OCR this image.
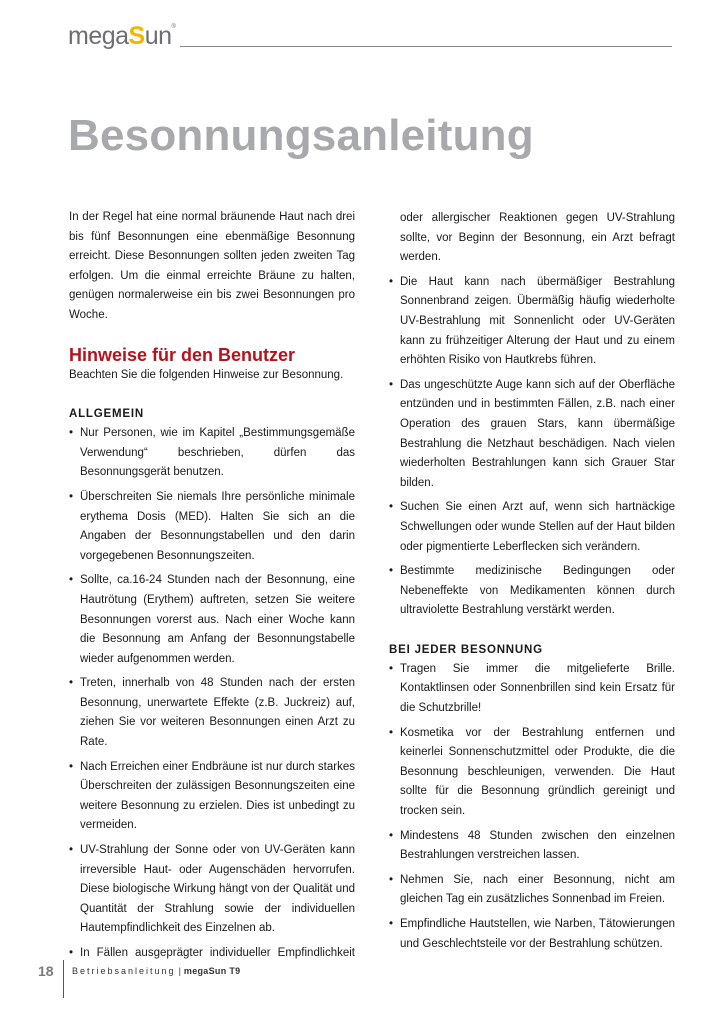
megaSun®
Besonnungsanleitung

In der Regel hat eine normal bräunende Haut nach drei bis fünf Besonnungen eine ebenmäßige Besonnung erreicht. Diese Besonnungen sollten jeden zweiten Tag erfolgen. Um die einmal erreichte Bräune zu halten, genügen normalerweise ein bis zwei Besonnungen pro Woche.

Hinweise für den Benutzer

Beachten Sie die folgenden Hinweise zur Besonnung.

ALLGEMEIN
• Nur Personen, wie im Kapitel „Bestimmungsgemäße Verwendung“ beschrieben, dürfen das Besonnungsgerät benutzen.
• Überschreiten Sie niemals Ihre persönliche minimale erythema Dosis (MED). Halten Sie sich an die Angaben der Besonnungstabellen und den darin vorgegebenen Besonnungszeiten.
• Sollte, ca.16-24 Stunden nach der Besonnung, eine Hautrötung (Erythem) auftreten, setzen Sie weitere Besonnungen vorerst aus. Nach einer Woche kann die Besonnung am Anfang der Besonnungstabelle wieder aufgenommen werden.
• Treten, innerhalb von 48 Stunden nach der ersten Besonnung, unerwartete Effekte (z.B. Juckreiz) auf, ziehen Sie vor weiteren Besonnungen einen Arzt zu Rate.
• Nach Erreichen einer Endbräune ist nur durch starkes Überschreiten der zulässigen Besonnungszeiten eine weitere Besonnung zu erzielen. Dies ist unbedingt zu vermeiden.
• UV-Strahlung der Sonne oder von UV-Geräten kann irreversible Haut- oder Augenschäden hervorrufen. Diese biologische Wirkung hängt von der Qualität und Quantität der Strahlung sowie der individuellen Hautempfindlichkeit des Einzelnen ab.
• In Fällen ausgeprägter individueller Empfindlichkeit

oder allergischer Reaktionen gegen UV-Strahlung sollte, vor Beginn der Besonnung, ein Arzt befragt werden.

• Die Haut kann nach übermäßiger Bestrahlung Sonnenbrand zeigen. Übermäßig häufig wiederholte UV-Bestrahlung mit Sonnenlicht oder UV-Geräten kann zu frühzeitiger Alterung der Haut und zu einem erhöhten Risiko von Hautkrebs führen.
• Das ungeschützte Auge kann sich auf der Oberfläche entzünden und in bestimmten Fällen, z.B. nach einer Operation des grauen Stars, kann übermäßige Bestrahlung die Netzhaut beschädigen. Nach vielen wiederholten Bestrahlungen kann sich Grauer Star bilden.
• Suchen Sie einen Arzt auf, wenn sich hartnäckige Schwellungen oder wunde Stellen auf der Haut bilden oder pigmentierte Leberflecken sich verändern.
• Bestimmte medizinische Bedingungen oder Nebeneffekte von Medikamenten können durch ultraviolette Bestrahlung verstärkt werden.
BEI JEDER BESONNUNG
• Tragen Sie immer die mitgelieferte Brille. Kontaktlinsen oder Sonnenbrillen sind kein Ersatz für die Schutzbrille!
• Kosmetika vor der Bestrahlung entfernen und keinerlei Sonnenschutzmittel oder Produkte, die die Besonnung beschleunigen, verwenden. Die Haut sollte für die Besonnung gründlich gereinigt und trocken sein.
• Mindestens 48 Stunden zwischen den einzelnen Bestrahlungen verstreichen lassen.
• Nehmen Sie, nach einer Besonnung, nicht am gleichen Tag ein zusätzliches Sonnenbad im Freien.
• Empfindliche Hautstellen, wie Narben, Tätowierungen und Geschlechtsteile vor der Bestrahlung schützen.
18 Betriebsanleitung | megaSun T9
